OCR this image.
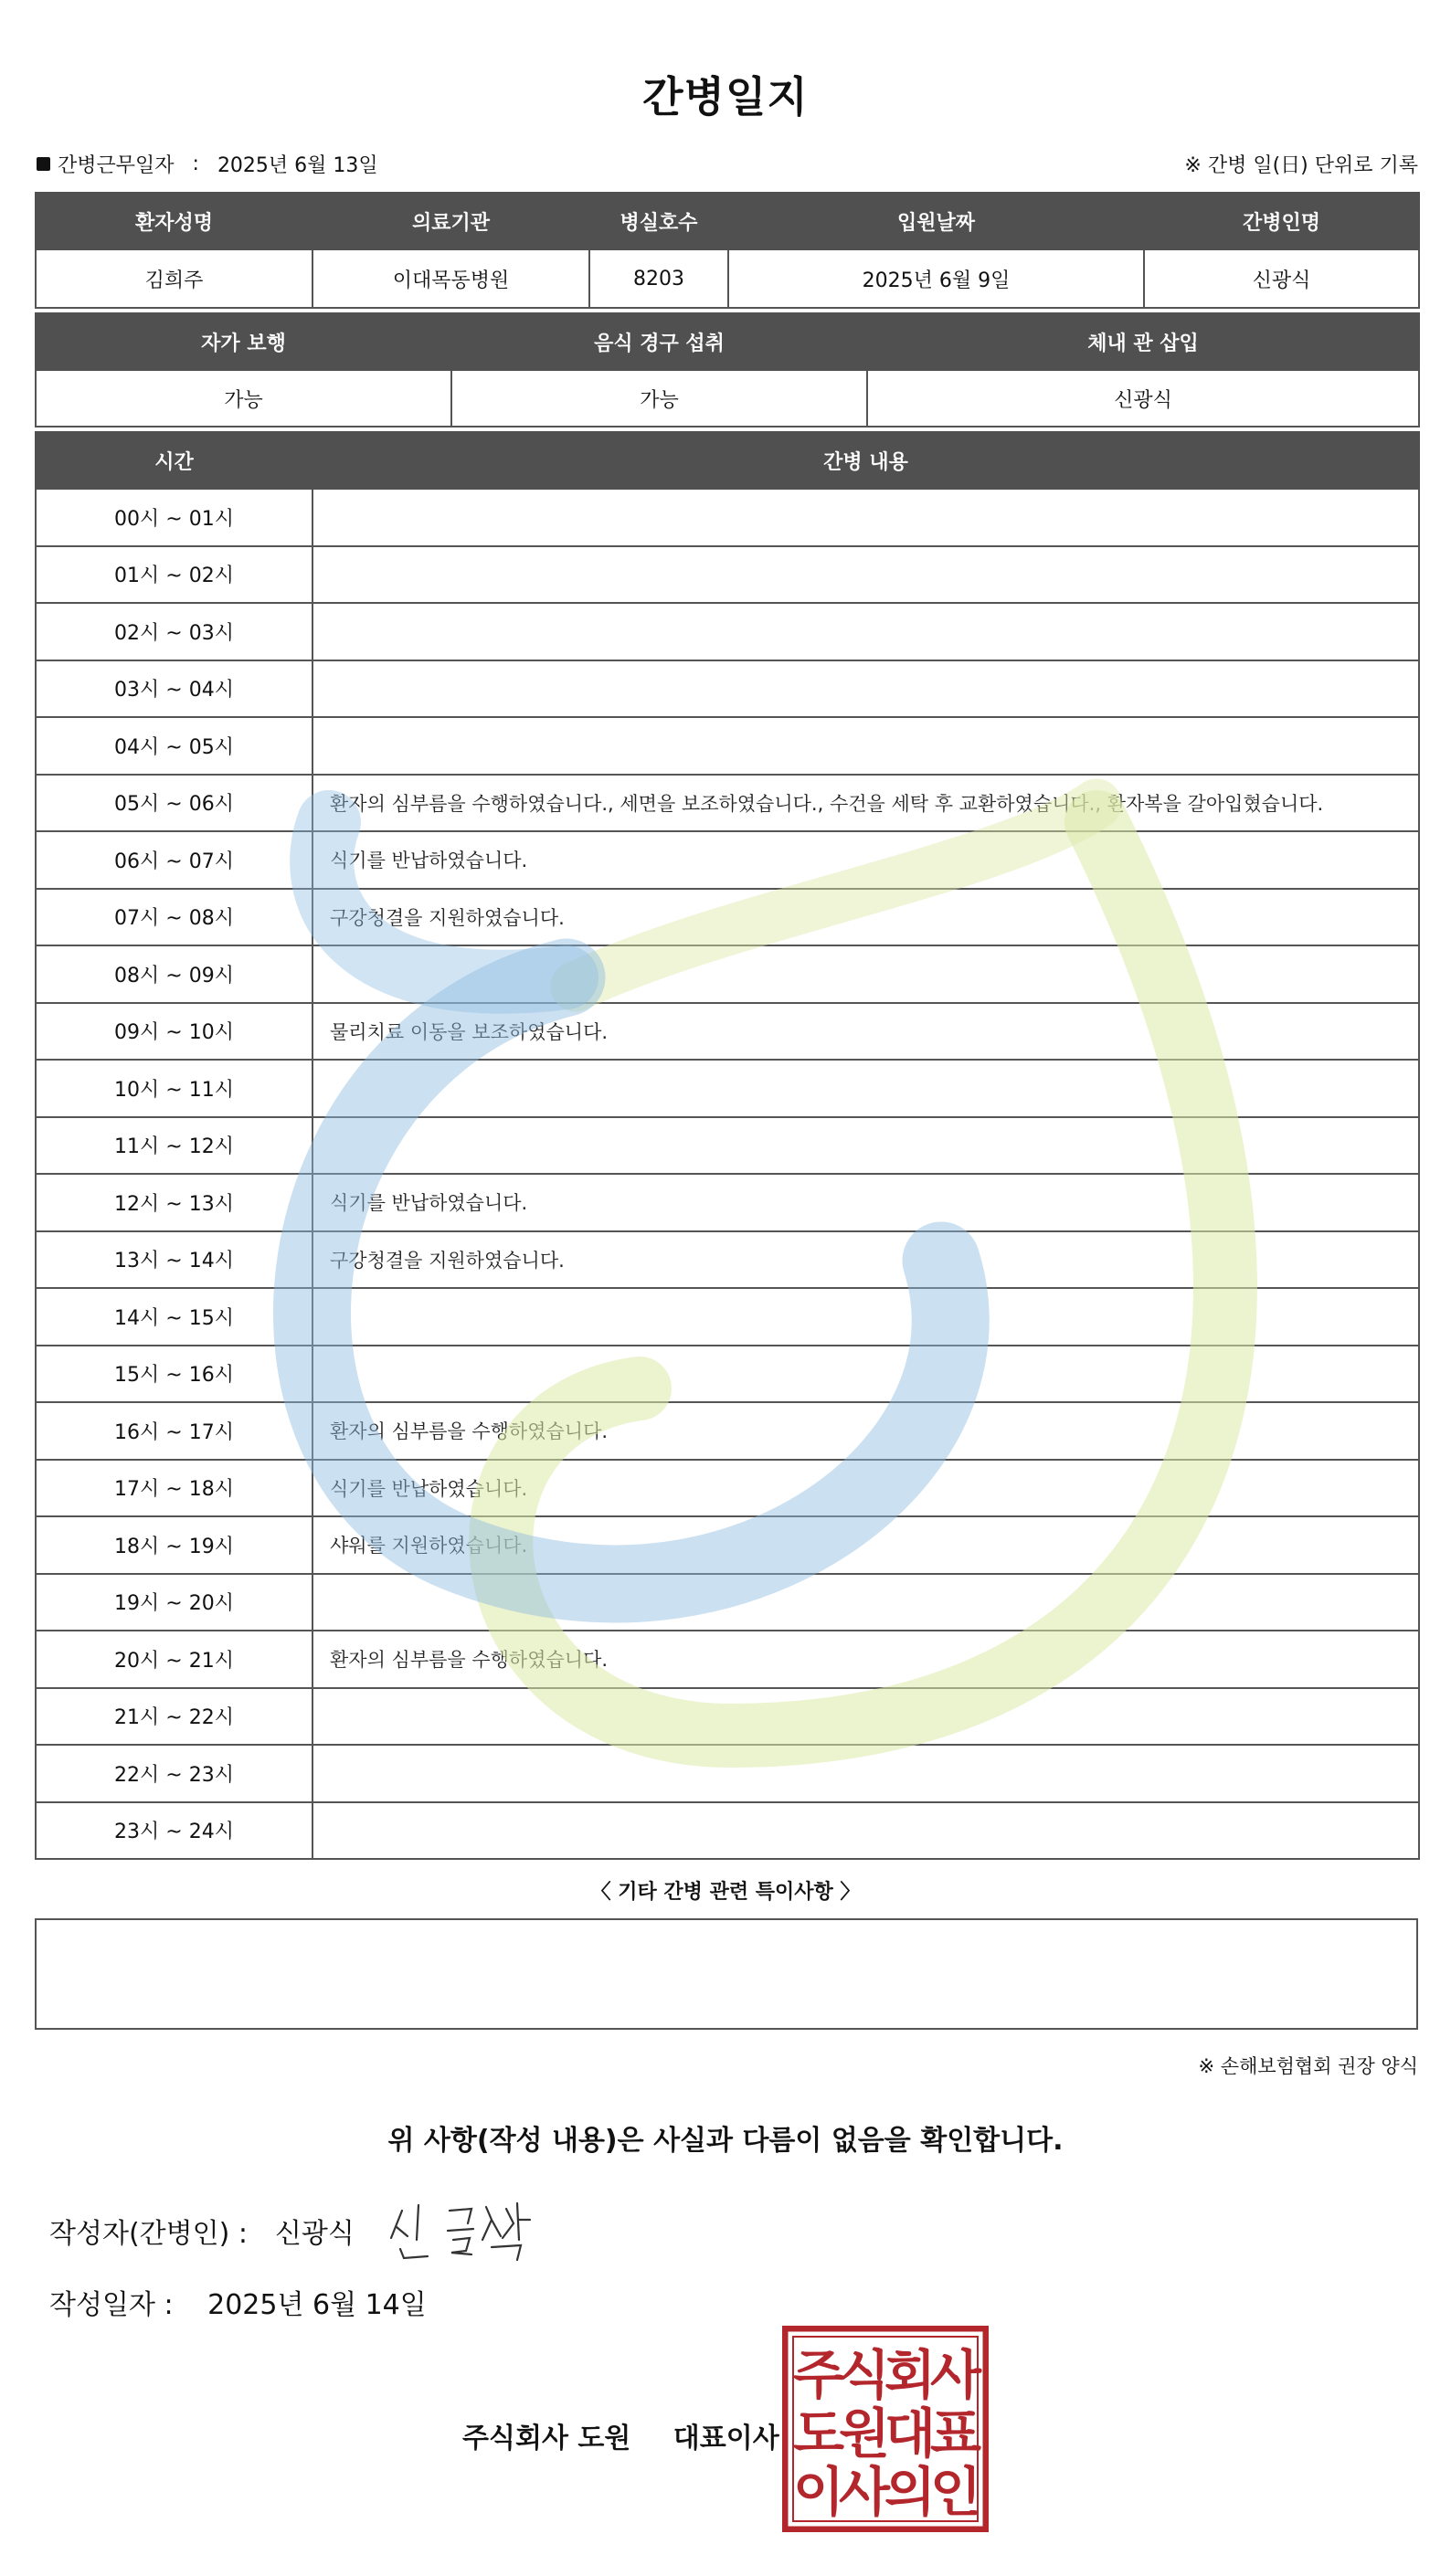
간병일지
간병근무일자 : 2025년 6월 13일	※ 간병 일(日) 단위로 기록
환자성명	의료기관	병실호수	입원날짜	간병인명
김희주	이대목동병원	8203	2025년 6월 9일	신광식
자가 보행	음식 경구 섭취	체내 관 삽입
가능	가능	신광식
시간	간병 내용
00시 ~ 01시	
01시 ~ 02시	
02시 ~ 03시	
03시 ~ 04시	
04시 ~ 05시	
05시 ~ 06시	환자의 심부름을 수행하였습니다., 세면을 보조하였습니다., 수건을 세탁 후 교환하였습니다., 환자복을 갈아입혔습니다.
06시 ~ 07시	식기를 반납하였습니다.
07시 ~ 08시	구강청결을 지원하였습니다.
08시 ~ 09시	
09시 ~ 10시	물리치료 이동을 보조하였습니다.
10시 ~ 11시	
11시 ~ 12시	
12시 ~ 13시	식기를 반납하였습니다.
13시 ~ 14시	구강청결을 지원하였습니다.
14시 ~ 15시	
15시 ~ 16시	
16시 ~ 17시	환자의 심부름을 수행하였습니다.
17시 ~ 18시	식기를 반납하였습니다.
18시 ~ 19시	샤워를 지원하였습니다.
19시 ~ 20시	
20시 ~ 21시	환자의 심부름을 수행하였습니다.
21시 ~ 22시	
22시 ~ 23시	
23시 ~ 24시	
〈 기타 간병 관련 특이사항 〉
※ 손해보험협회 권장 양식
위 사항(작성 내용)은 사실과 다름이 없음을 확인합니다.
작성자(간병인) : 신광식
작성일자 : 2025년 6월 14일
주식회사 도원 대표이사
주
식
회
사
도
원
대
표
이
사
의
인
